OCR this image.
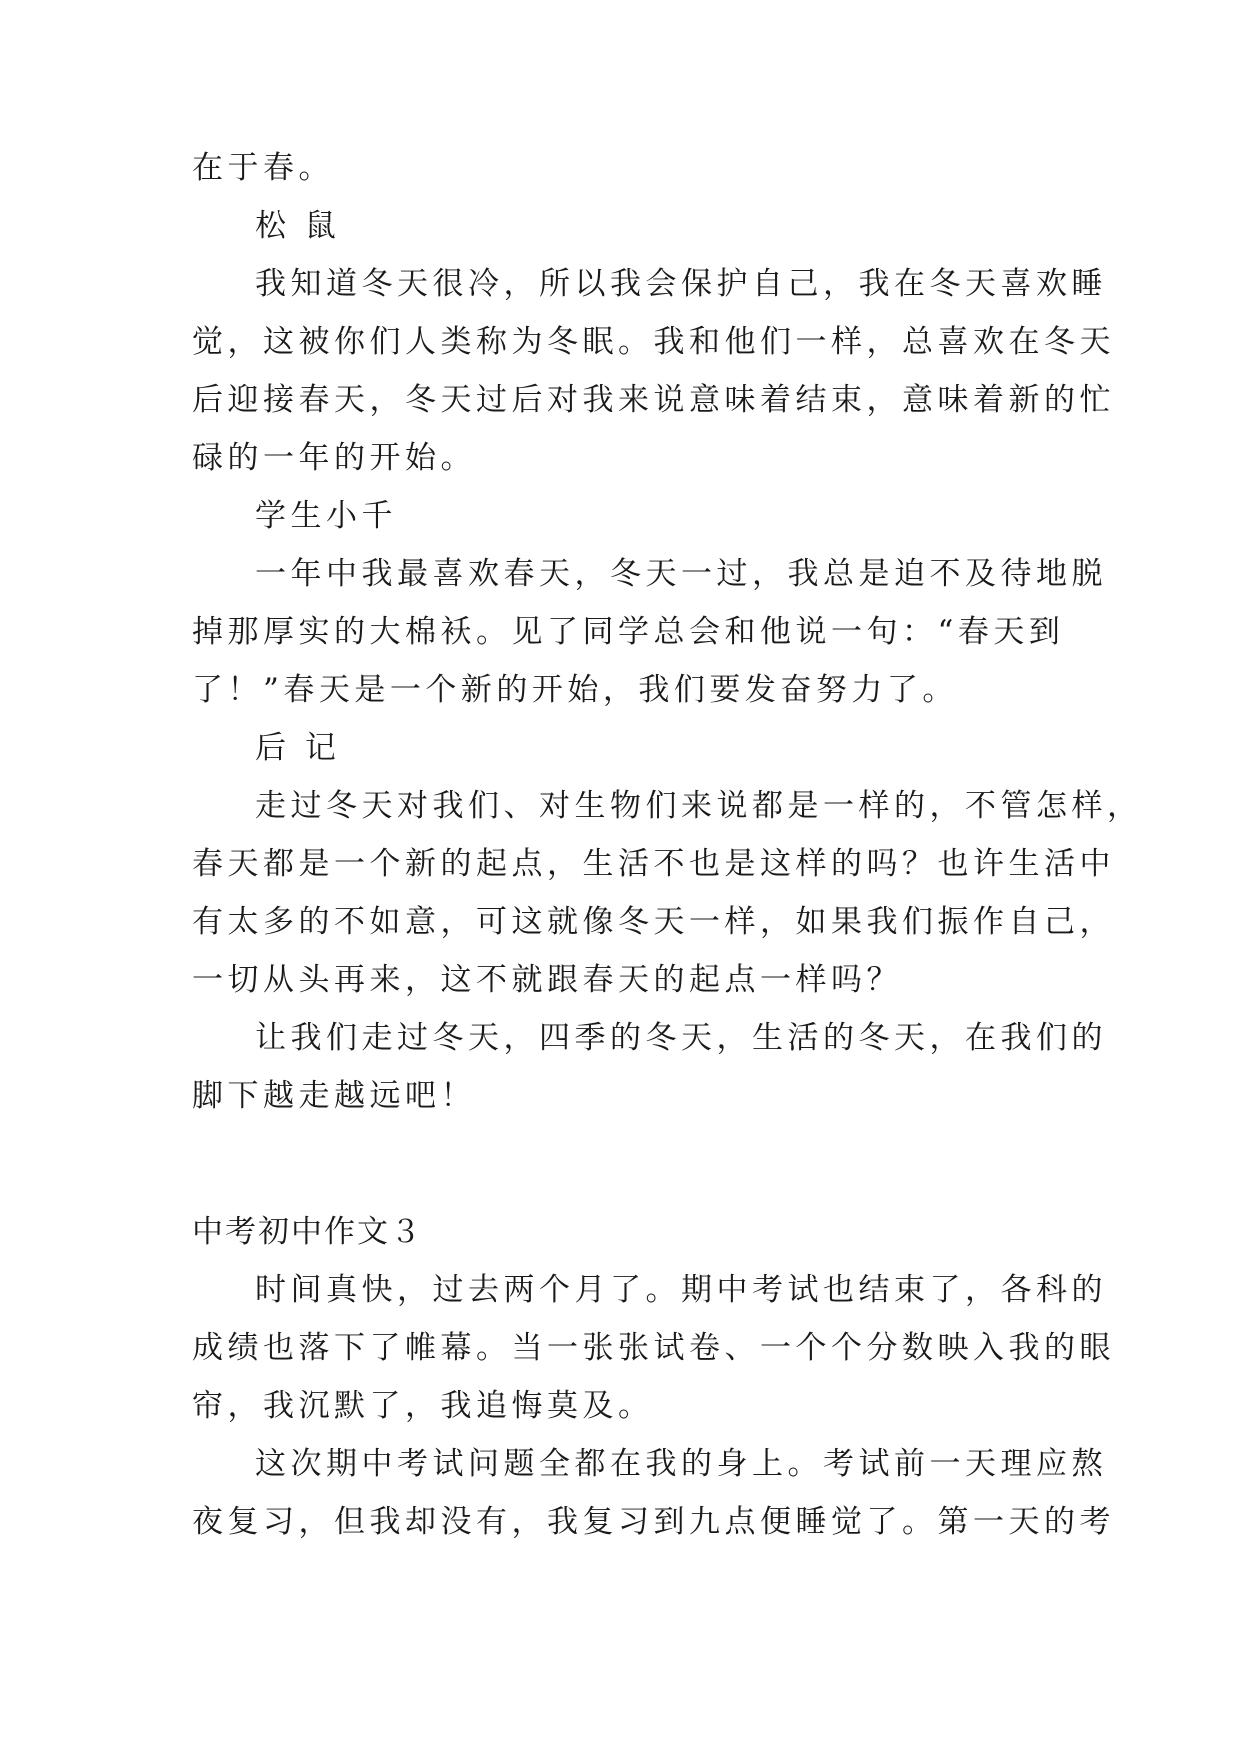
在于春。
松 鼠
我知道冬天很冷，所以我会保护自己，我在冬天喜欢睡
觉，这被你们人类称为冬眠。我和他们一样，总喜欢在冬天
后迎接春天，冬天过后对我来说意味着结束，意味着新的忙
碌的一年的开始。
学生小千
一年中我最喜欢春天，冬天一过，我总是迫不及待地脱
掉那厚实的大棉袄。见了同学总会和他说一句：“春天到
了！”春天是一个新的开始，我们要发奋努力了。
后 记
走过冬天对我们、对生物们来说都是一样的，不管怎样，
春天都是一个新的起点，生活不也是这样的吗？也许生活中
有太多的不如意，可这就像冬天一样，如果我们振作自己，
一切从头再来，这不就跟春天的起点一样吗？
让我们走过冬天，四季的冬天，生活的冬天，在我们的
脚下越走越远吧！
中考初中作文３
时间真快，过去两个月了。期中考试也结束了，各科的
成绩也落下了帷幕。当一张张试卷、一个个分数映入我的眼
帘，我沉默了，我追悔莫及。
这次期中考试问题全都在我的身上。考试前一天理应熬
夜复习，但我却没有，我复习到九点便睡觉了。第一天的考
